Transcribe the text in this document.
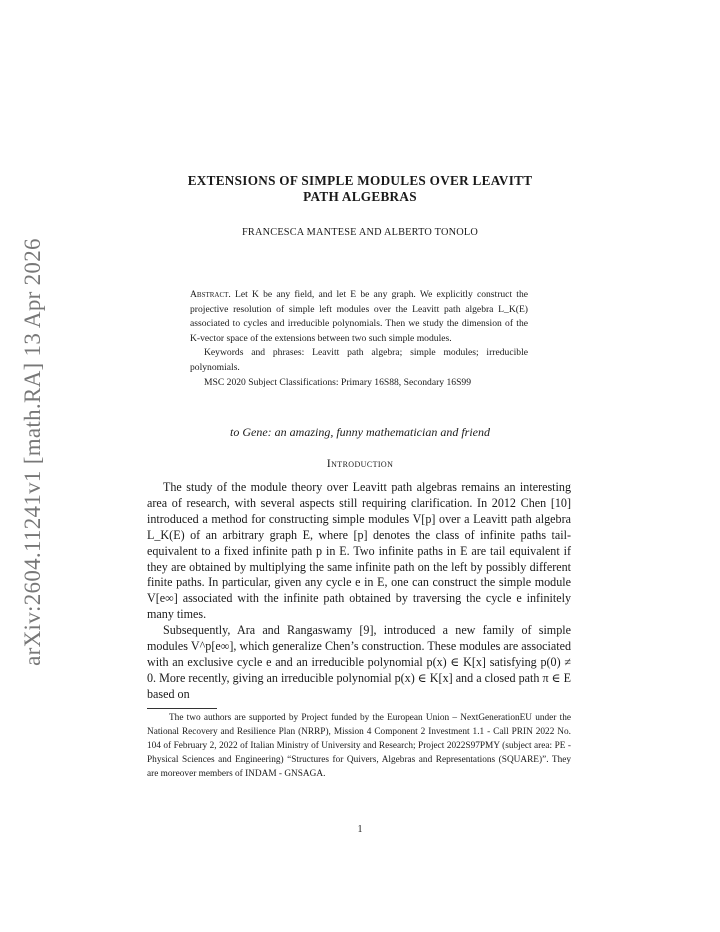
arXiv:2604.11241v1 [math.RA] 13 Apr 2026
EXTENSIONS OF SIMPLE MODULES OVER LEAVITT
PATH ALGEBRAS
FRANCESCA MANTESE AND ALBERTO TONOLO

Abstract. Let K be any field, and let E be any graph. We explicitly construct the projective resolution of simple left modules over the Leavitt path algebra L_K(E) associated to cycles and irreducible polynomials. Then we study the dimension of the K-vector space of the extensions between two such simple modules.

Keywords and phrases: Leavitt path algebra; simple modules; irreducible polynomials.

MSC 2020 Subject Classifications: Primary 16S88, Secondary 16S99

to Gene: an amazing, funny mathematician and friend
Introduction

The study of the module theory over Leavitt path algebras remains an interesting area of research, with several aspects still requiring clarification. In 2012 Chen [10] introduced a method for constructing simple modules V[p] over a Leavitt path algebra L_K(E) of an arbitrary graph E, where [p] denotes the class of infinite paths tail-equivalent to a fixed infinite path p in E. Two infinite paths in E are tail equivalent if they are obtained by multiplying the same infinite path on the left by possibly different finite paths. In particular, given any cycle e in E, one can construct the simple module V[e∞] associated with the infinite path obtained by traversing the cycle e infinitely many times.

Subsequently, Ara and Rangaswamy [9], introduced a new family of simple modules V^p[e∞], which generalize Chen’s construction. These modules are associated with an exclusive cycle e and an irreducible polynomial p(x) ∈ K[x] satisfying p(0) ≠ 0. More recently, giving an irreducible polynomial p(x) ∈ K[x] and a closed path π ∈ E based on

The two authors are supported by Project funded by the European Union – NextGenerationEU under the National Recovery and Resilience Plan (NRRP), Mission 4 Component 2 Investment 1.1 - Call PRIN 2022 No. 104 of February 2, 2022 of Italian Ministry of University and Research; Project 2022S97PMY (subject area: PE - Physical Sciences and Engineering) “Structures for Quivers, Algebras and Representations (SQUARE)”. They are moreover members of INDAM - GNSAGA.

1
